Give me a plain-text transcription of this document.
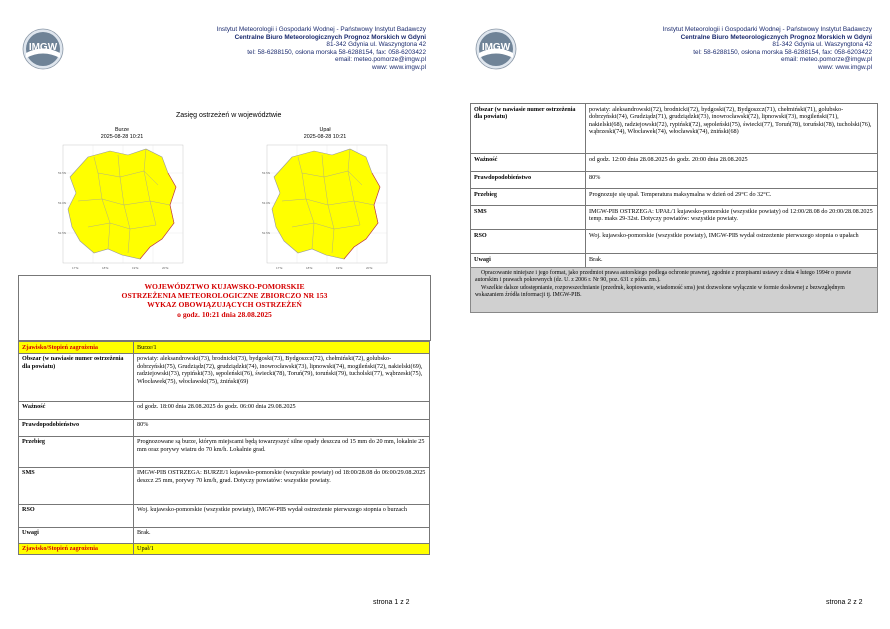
IMGW
Instytut Meteorologii i Gospodarki Wodnej - Państwowy Instytut Badawczy
Centralne Biuro Meteorologicznych Prognoz Morskich w Gdyni
81-342 Gdynia ul. Waszyngtona 42
tel: 58-6288150, osłona morska 58-6288154, fax: 058-6203422
email: meteo.pomorze@imgw.pl
www: www.imgw.pl
Zasięg ostrzeżeń w województwie
Burze
2025-08-28 10:21
Upał
2025-08-28 10:21
53.5N
53.0N
52.5N
17°E	18°E	19°E	20°E
53.5N
53.0N
52.5N
17°E	18°E	19°E	20°E
WOJEWÓDZTWO KUJAWSKO-POMORSKIE
OSTRZEŻENIA METEOROLOGICZNE ZBIORCZO NR 153
WYKAZ OBOWIĄZUJĄCYCH OSTRZEŻEŃ
o godz. 10:21 dnia 28.08.2025
Zjawisko/Stopień zagrożenia	Burze/1
Obszar (w nawiasie numer ostrzeżenia dla powiatu)	powiaty: aleksandrowski(73), brodnicki(73), bydgoski(73), Bydgoszcz(72), chełmiński(72), golubsko-dobrzyński(75), Grudziądz(72), grudziądzki(74), inowrocławski(73), lipnowski(74), mogileński(72), nakielski(69), radziejowski(73), rypiński(73), sępoleński(76), świecki(78), Toruń(79), toruński(79), tucholski(77), wąbrzeski(75), Włocławek(75), włocławski(75), żniński(69)
Ważność	od godz. 18:00 dnia 28.08.2025 do godz. 06:00 dnia 29.08.2025
Prawdopodobieństwo	80%
Przebieg	Prognozowane są burze, którym miejscami będą towarzyszyć silne opady deszczu od 15 mm do 20 mm, lokalnie 25 mm oraz porywy wiatru do 70 km/h. Lokalnie grad.
SMS	IMGW-PIB OSTRZEGA: BURZE/1 kujawsko-pomorskie (wszystkie powiaty) od 18:00/28.08 do 06:00/29.08.2025 deszcz 25 mm, porywy 70 km/h, grad. Dotyczy powiatów: wszystkie powiaty.
RSO	Woj. kujawsko-pomorskie (wszystkie powiaty), IMGW-PIB wydał ostrzeżenie pierwszego stopnia o burzach
Uwagi	Brak.
Zjawisko/Stopień zagrożenia	Upał/1
strona 1 z 2
IMGW
Instytut Meteorologii i Gospodarki Wodnej - Państwowy Instytut Badawczy
Centralne Biuro Meteorologicznych Prognoz Morskich w Gdyni
81-342 Gdynia ul. Waszyngtona 42
tel: 58-6288150, osłona morska 58-6288154, fax: 058-6203422
email: meteo.pomorze@imgw.pl
www: www.imgw.pl
Obszar (w nawiasie numer ostrzeżenia dla powiatu)	powiaty: aleksandrowski(72), brodnicki(72), bydgoski(72), Bydgoszcz(71), chełmiński(71), golubsko-dobrzyński(74), Grudziądz(71), grudziądzki(73), inowrocławski(72), lipnowski(73), mogileński(71), nakielski(68), radziejowski(72), rypiński(72), sępoleński(75), świecki(77), Toruń(78), toruński(78), tucholski(76), wąbrzeski(74), Włocławek(74), włocławski(74), żniński(68)
Ważność	od godz. 12:00 dnia 28.08.2025 do godz. 20:00 dnia 28.08.2025
Prawdopodobieństwo	80%
Przebieg	Prognozuje się upał. Temperatura maksymalna w dzień od 29°C do 32°C.
SMS	IMGW-PIB OSTRZEGA: UPAŁ/1 kujawsko-pomorskie (wszystkie powiaty) od 12:00/28.08 do 20:00/28.08.2025 temp. maks 29-32st. Dotyczy powiatów: wszystkie powiaty.
RSO	Woj. kujawsko-pomorskie (wszystkie powiaty), IMGW-PIB wydał ostrzeżenie pierwszego stopnia o upałach
Uwagi	Brak.
Opracowanie niniejsze i jego format, jako przedmiot prawa autorskiego podlega ochronie prawnej, zgodnie z przepisami ustawy z dnia 4 lutego 1994r o prawie autorskim i prawach pokrewnych (dz. U. z 2006 r. Nr 90, poz. 631 z późn. zm.).
Wszelkie dalsze udostępnianie, rozpowszechnianie (przedruk, kopiowanie, wiadomość sms) jest dozwolone wyłącznie w formie dosłownej z bezwzględnym wskazaniem źródła informacji tj. IMGW-PIB.
strona 2 z 2
